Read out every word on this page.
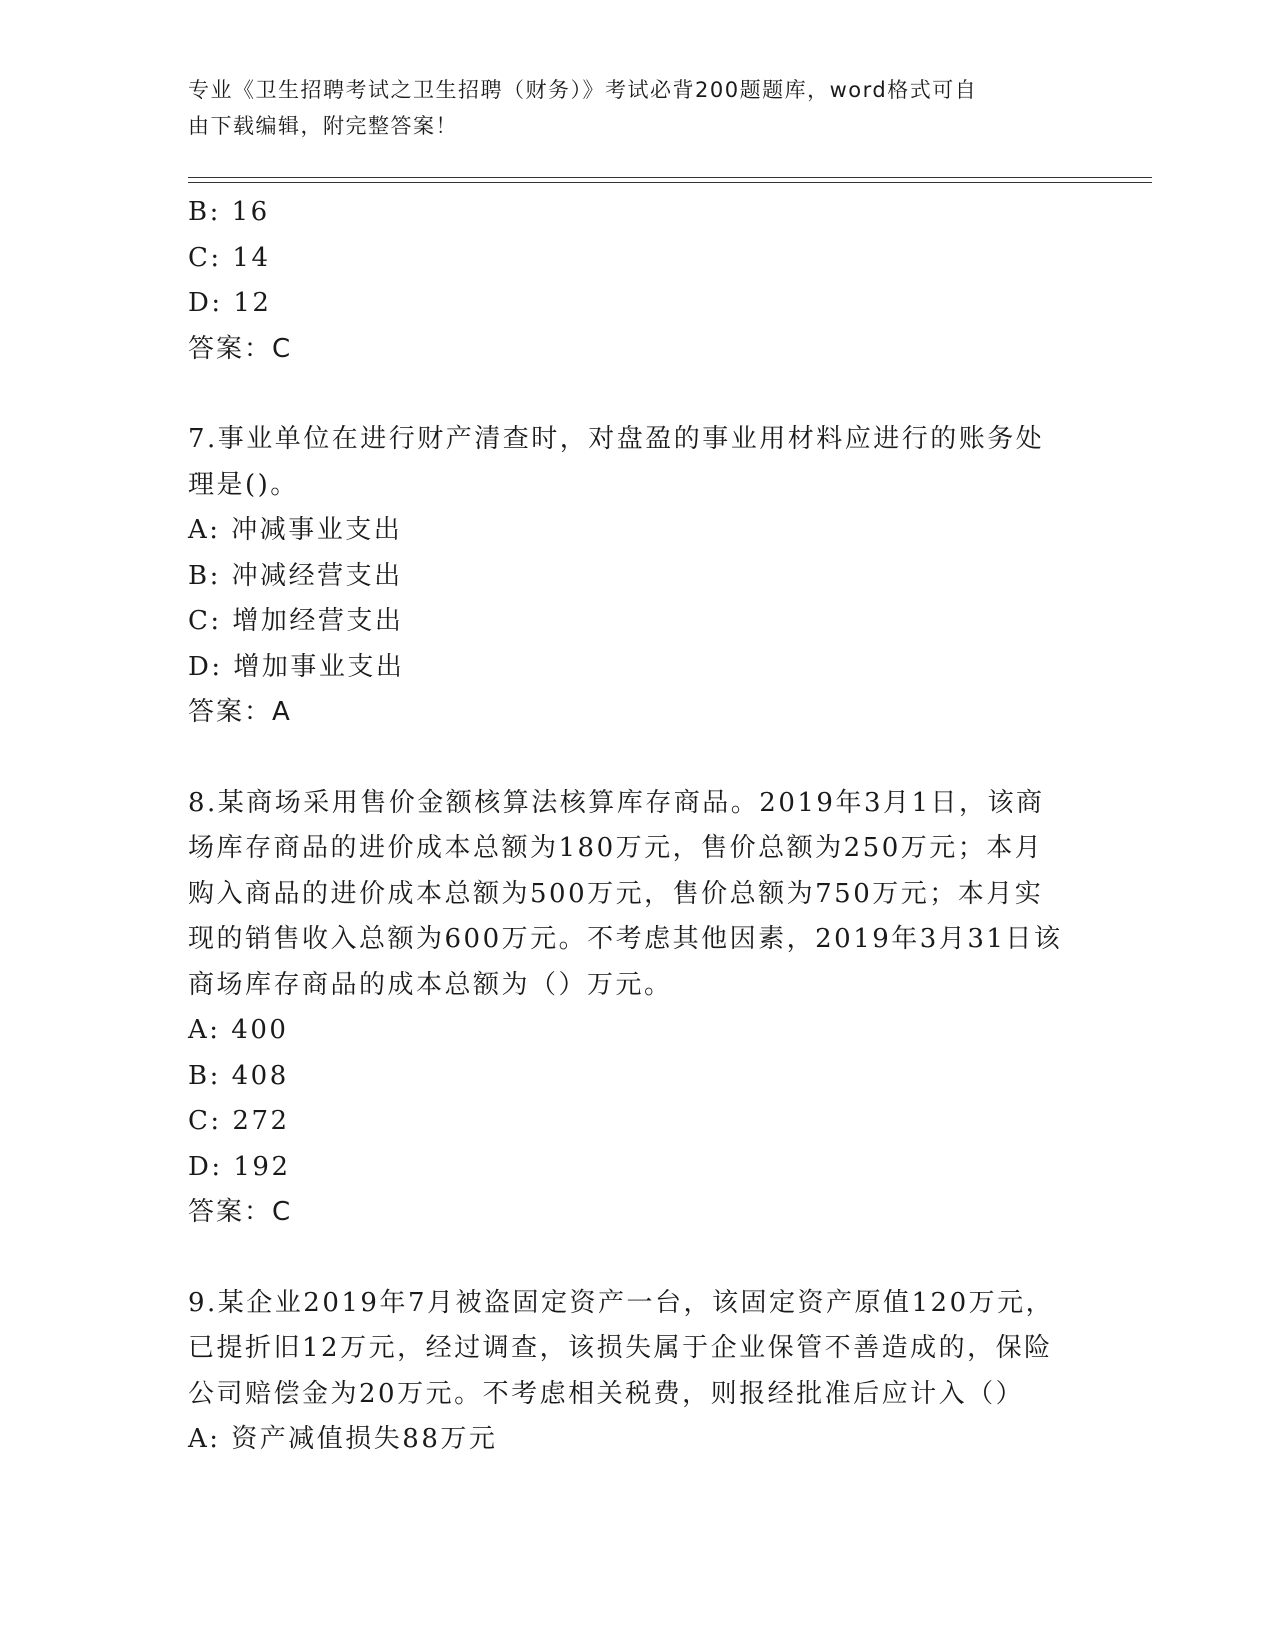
专业《卫生招聘考试之卫生招聘（财务）》考试必背200题题库，word格式可自
由下载编辑，附完整答案！

B: 16

C: 14

D: 12

答案：C

7.事业单位在进行财产清查时，对盘盈的事业用材料应进行的账务处

理是()。

A: 冲减事业支出

B: 冲减经营支出

C: 增加经营支出

D: 增加事业支出

答案：A

8.某商场采用售价金额核算法核算库存商品。2019年3月1日，该商

场库存商品的进价成本总额为180万元，售价总额为250万元；本月

购入商品的进价成本总额为500万元，售价总额为750万元；本月实

现的销售收入总额为600万元。不考虑其他因素，2019年3月31日该

商场库存商品的成本总额为（）万元。

A: 400

B: 408

C: 272

D: 192

答案：C

9.某企业2019年7月被盗固定资产一台，该固定资产原值120万元，

已提折旧12万元，经过调查，该损失属于企业保管不善造成的，保险

公司赔偿金为20万元。不考虑相关税费，则报经批准后应计入（）

A: 资产减值损失88万元
